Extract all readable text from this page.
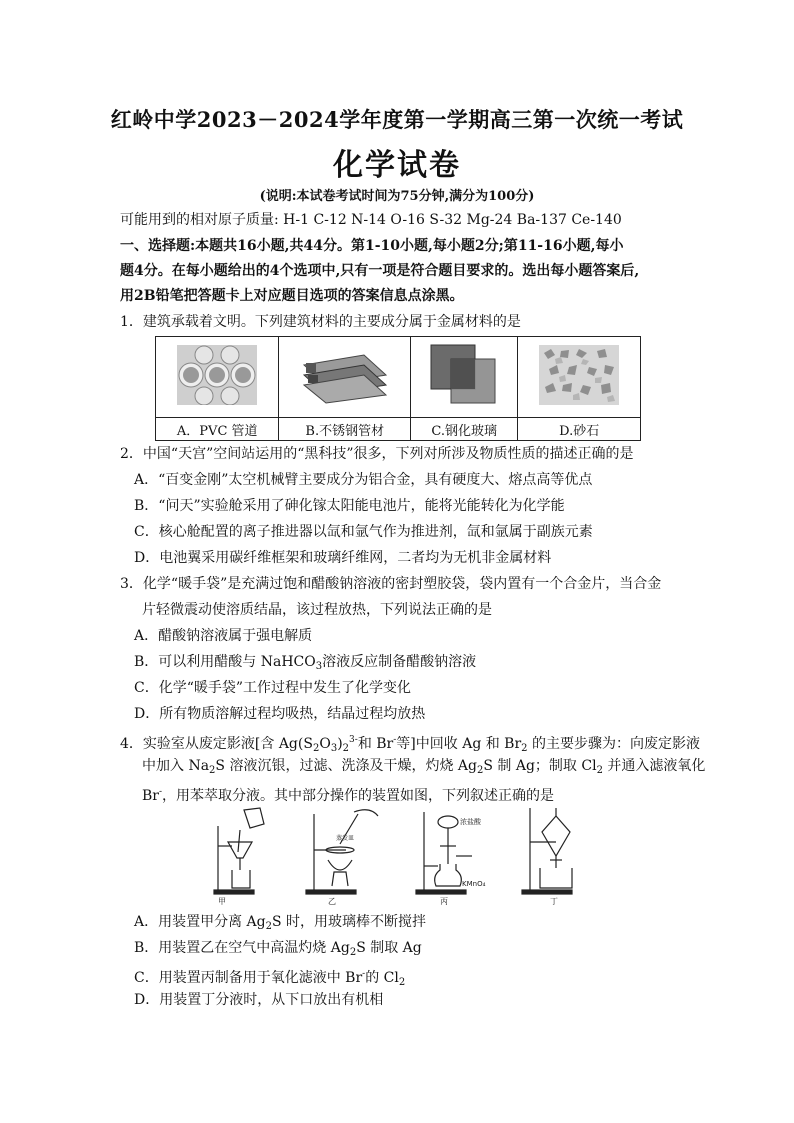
红岭中学2023－2024学年度第一学期高三第一次统一考试
化学试卷
(说明:本试卷考试时间为75分钟,满分为100分)
可能用到的相对原子质量: H-1 C-12 N-14 O-16 S-32 Mg-24 Ba-137 Ce-140
一、选择题:本题共16小题,共44分。第1-10小题,每小题2分;第11-16小题,每小
题4分。在每小题给出的4个选项中,只有一项是符合题目要求的。选出每小题答案后,
用2B铅笔把答题卡上对应题目选项的答案信息点涂黑。
1．建筑承载着文明。下列建筑材料的主要成分属于金属材料的是

A．PVC 管道	B.不锈钢管材	C.钢化玻璃	D.砂石
2．中国“天宫”空间站运用的“黑科技”很多，下列对所涉及物质性质的描述正确的是
A．“百变金刚”太空机械臂主要成分为铝合金，具有硬度大、熔点高等优点
B．“问天”实验舱采用了砷化镓太阳能电池片，能将光能转化为化学能
C．核心舱配置的离子推进器以氙和氩气作为推进剂，氙和氩属于副族元素
D．电池翼采用碳纤维框架和玻璃纤维网，二者均为无机非金属材料
3．化学“暖手袋”是充满过饱和醋酸钠溶液的密封塑胶袋，袋内置有一个合金片，当合金
片轻微震动使溶质结晶，该过程放热，下列说法正确的是
A．醋酸钠溶液属于强电解质
B．可以利用醋酸与 NaHCO$_3$溶液反应制备醋酸钠溶液
C．化学“暖手袋”工作过程中发生了化学变化
D．所有物质溶解过程均吸热，结晶过程均放热
4．实验室从废定影液[含 $Ag(S_2O_3)_2^{3-}$和 Br-等]中回收 Ag 和 $Br_2$ 的主要步骤为：向废定影液
中加入 $Na_2S$ 溶液沉银，过滤、洗涤及干燥，灼烧 $Ag_2S$ 制 Ag；制取 $Cl_2$ 并通入滤液氧化
Br-，用苯萃取分液。其中部分操作的装置如图，下列叙述正确的是
蒸发皿
浓盐酸
KMnO₄
甲	乙	丙	丁
A．用装置甲分离 $Ag_2S$ 时，用玻璃棒不断搅拌
B．用装置乙在空气中高温灼烧 $Ag_2S$ 制取 Ag
C．用装置丙制备用于氧化滤液中 Br-的 $Cl_2$
D．用装置丁分液时，从下口放出有机相
